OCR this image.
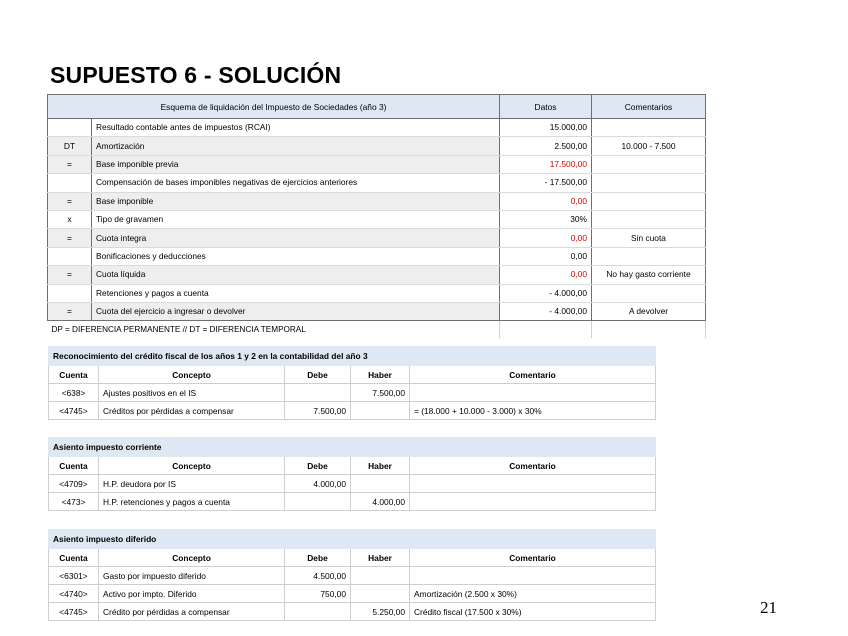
SUPUESTO 6 - SOLUCIÓN
Esquema de liquidación del Impuesto de Sociedades (año 3)		Datos	Comentarios
	Resultado contable antes de impuestos (RCAI)	15.000,00	
DT	Amortización	2.500,00	10.000 - 7.500
=	Base imponible previa	17.500,00	
	Compensación de bases imponibles negativas de ejercicios anteriores	- 17.500,00	
=	Base imponible	0,00	
x	Tipo de gravamen	30%	
=	Cuota integra	0,00	Sin cuota
	Bonificaciones y deducciones	0,00	
=	Cuota líquida	0,00	No hay gasto corriente
	Retenciones y pagos a cuenta	- 4.000,00	
=	Cuota del ejercicio a ingresar o devolver	- 4.000,00	A devolver
DP = DIFERENCIA PERMANENTE // DT = DIFERENCIA TEMPORAL			
Reconocimiento del crédito fiscal de los años 1 y 2 en la contabilidad del año 3				
Cuenta	Concepto	Debe	Haber	Comentario
<638>	Ajustes positivos en el IS		7.500,00	
<4745>	Créditos por pérdidas a compensar	7.500,00		= (18.000 + 10.000 - 3.000) x 30%
Asiento impuesto corriente				
Cuenta	Concepto	Debe	Haber	Comentario
<4709>	H.P. deudora por IS	4.000,00		
<473>	H.P. retenciones y pagos a cuenta		4.000,00	
Asiento impuesto diferido				
Cuenta	Concepto	Debe	Haber	Comentario
<6301>	Gasto por impuesto diferido	4.500,00		
<4740>	Activo por impto. Diferido	750,00		Amortización (2.500 x 30%)
<4745>	Crédito por pérdidas a compensar		5.250,00	Crédito fiscal (17.500 x 30%)	21
